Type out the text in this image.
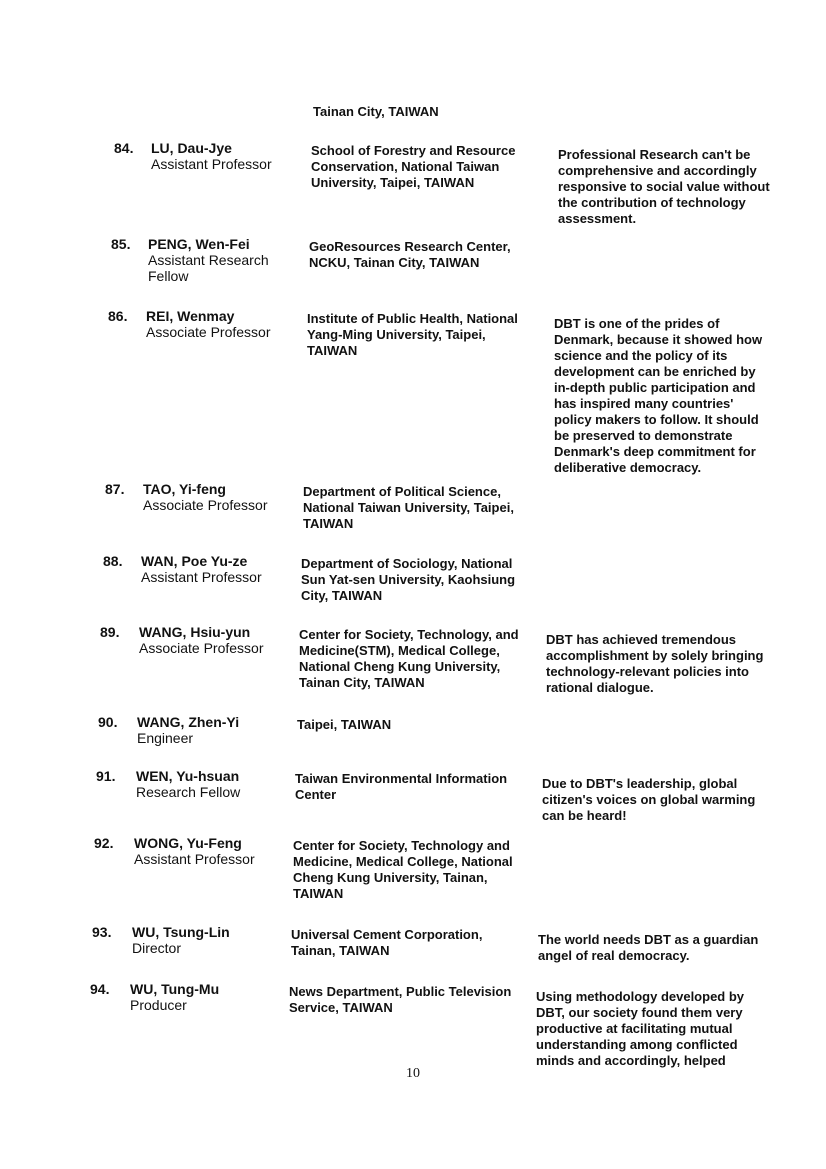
Tainan City, TAIWAN
84. LU, Dau-Jye
Assistant Professor
School of Forestry and Resource
Conservation, National Taiwan
University, Taipei, TAIWAN
Professional Research can't be
comprehensive and accordingly
responsive to social value without
the contribution of technology
assessment.
85. PENG, Wen-Fei
Assistant Research
Fellow
GeoResources Research Center,
NCKU, Tainan City, TAIWAN
86. REI, Wenmay
Associate Professor
Institute of Public Health, National
Yang-Ming University, Taipei,
TAIWAN
DBT is one of the prides of
Denmark, because it showed how
science and the policy of its
development can be enriched by
in-depth public participation and
has inspired many countries'
policy makers to follow. It should
be preserved to demonstrate
Denmark's deep commitment for
deliberative democracy.
87. TAO, Yi-feng
Associate Professor
Department of Political Science,
National Taiwan University, Taipei,
TAIWAN
88. WAN, Poe Yu-ze
Assistant Professor
Department of Sociology, National
Sun Yat-sen University, Kaohsiung
City, TAIWAN
89. WANG, Hsiu-yun
Associate Professor
Center for Society, Technology, and
Medicine(STM), Medical College,
National Cheng Kung University,
Tainan City, TAIWAN
DBT has achieved tremendous
accomplishment by solely bringing
technology-relevant policies into
rational dialogue.
90. WANG, Zhen-Yi
Engineer
Taipei, TAIWAN
91. WEN, Yu-hsuan
Research Fellow
Taiwan Environmental Information
Center
Due to DBT's leadership, global
citizen's voices on global warming
can be heard!
92. WONG, Yu-Feng
Assistant Professor
Center for Society, Technology and
Medicine, Medical College, National
Cheng Kung University, Tainan,
TAIWAN
93. WU, Tsung-Lin
Director
Universal Cement Corporation,
Tainan, TAIWAN
The world needs DBT as a guardian
angel of real democracy.
94. WU, Tung-Mu
Producer
News Department, Public Television
Service, TAIWAN
Using methodology developed by
DBT, our society found them very
productive at facilitating mutual
understanding among conflicted
minds and accordingly, helped
10
